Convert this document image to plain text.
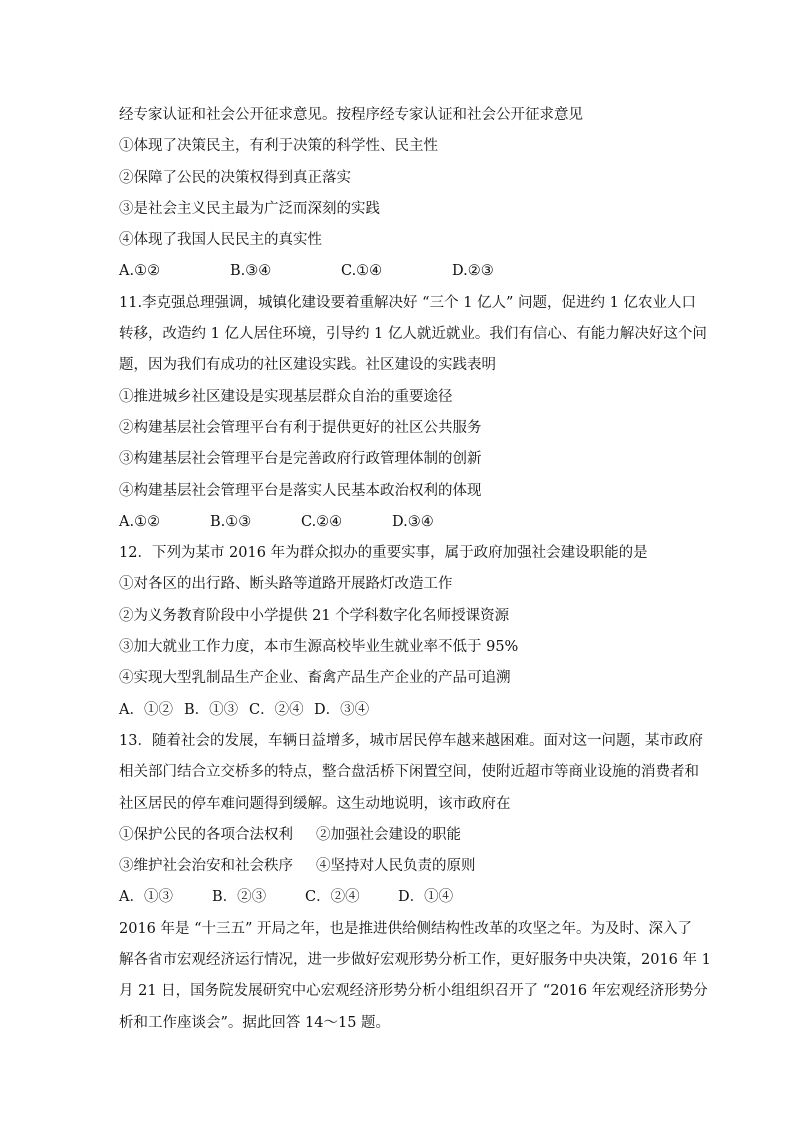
经专家认证和社会公开征求意见。按程序经专家认证和社会公开征求意见
①体现了决策民主，有利于决策的科学性、民主性
②保障了公民的决策权得到真正落实
③是社会主义民主最为广泛而深刻的实践
④体现了我国人民民主的真实性
A.①②	B.③④	C.①④	D.②③
11.李克强总理强调，城镇化建设要着重解决好 “三个 1 亿人” 问题，促进约 1 亿农业人口
转移，改造约 1 亿人居住环境，引导约 1 亿人就近就业。我们有信心、有能力解决好这个问
题，因为我们有成功的社区建设实践。社区建设的实践表明
①推进城乡社区建设是实现基层群众自治的重要途径
②构建基层社会管理平台有利于提供更好的社区公共服务
③构建基层社会管理平台是完善政府行政管理体制的创新
④构建基层社会管理平台是落实人民基本政治权利的体现
A.①②	B.①③	C.②④	D.③④
12．下列为某市 2016 年为群众拟办的重要实事，属于政府加强社会建设职能的是
①对各区的出行路、断头路等道路开展路灯改造工作
②为义务教育阶段中小学提供 21 个学科数字化名师授课资源
③加大就业工作力度，本市生源高校毕业生就业率不低于 95%
④实现大型乳制品生产企业、畜禽产品生产企业的产品可追溯
A．①② B．①③ C．②④ D．③④
13．随着社会的发展，车辆日益增多，城市居民停车越来越困难。面对这一问题，某市政府
相关部门结合立交桥多的特点，整合盘活桥下闲置空间，使附近超市等商业设施的消费者和
社区居民的停车难问题得到缓解。这生动地说明，该市政府在
①保护公民的各项合法权利	②加强社会建设的职能
③维护社会治安和社会秩序	④坚持对人民负责的原则
A．①③	B．②③	C．②④	D．①④
2016 年是 “十三五” 开局之年，也是推进供给侧结构性改革的攻坚之年。为及时、深入了
解各省市宏观经济运行情况，进一步做好宏观形势分析工作，更好服务中央决策，2016 年 1
月 21 日，国务院发展研究中心宏观经济形势分析小组组织召开了 “2016 年宏观经济形势分
析和工作座谈会”。据此回答 14～15 题。
